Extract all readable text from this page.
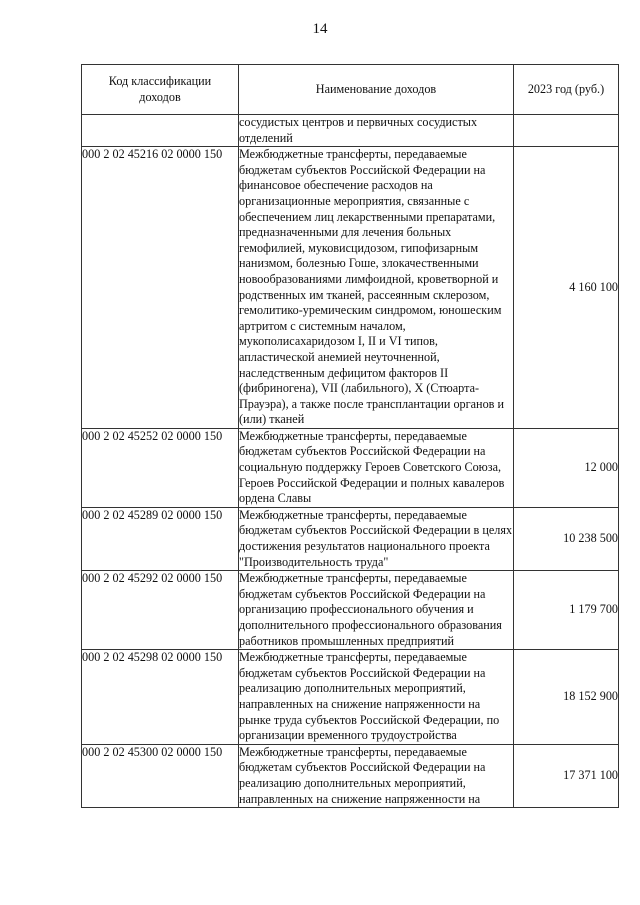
14
Код классификации доходов	Наименование доходов	2023 год (руб.)
	сосудистых центров и первичных сосудистых отделений	
000 2 02 45216 02 0000 150	Межбюджетные трансферты, передаваемые бюджетам субъектов Российской Федерации на финансовое обеспечение расходов на организационные мероприятия, связанные с обеспечением лиц лекарственными препаратами, предназначенными для лечения больных гемофилией, муковисцидозом, гипофизарным нанизмом, болезнью Гоше, злокачественными новообразованиями лимфоидной, кроветворной и родственных им тканей, рассеянным склерозом, гемолитико-уремическим синдромом, юношеским артритом с системным началом, мукополисахаридозом I, II и VI типов, апластической анемией неуточненной, наследственным дефицитом факторов II (фибриногена), VII (лабильного), X (Стюарта-Прауэра), а также после трансплантации органов и (или) тканей	4 160 100
000 2 02 45252 02 0000 150	Межбюджетные трансферты, передаваемые бюджетам субъектов Российской Федерации на социальную поддержку Героев Советского Союза, Героев Российской Федерации и полных кавалеров ордена Славы	12 000
000 2 02 45289 02 0000 150	Межбюджетные трансферты, передаваемые бюджетам субъектов Российской Федерации в целях достижения результатов национального проекта "Производительность труда"	10 238 500
000 2 02 45292 02 0000 150	Межбюджетные трансферты, передаваемые бюджетам субъектов Российской Федерации на организацию профессионального обучения и дополнительного профессионального образования работников промышленных предприятий	1 179 700
000 2 02 45298 02 0000 150	Межбюджетные трансферты, передаваемые бюджетам субъектов Российской Федерации на реализацию дополнительных мероприятий, направленных на снижение напряженности на рынке труда субъектов Российской Федерации, по организации временного трудоустройства	18 152 900
000 2 02 45300 02 0000 150	Межбюджетные трансферты, передаваемые бюджетам субъектов Российской Федерации на реализацию дополнительных мероприятий, направленных на снижение напряженности на	17 371 100
